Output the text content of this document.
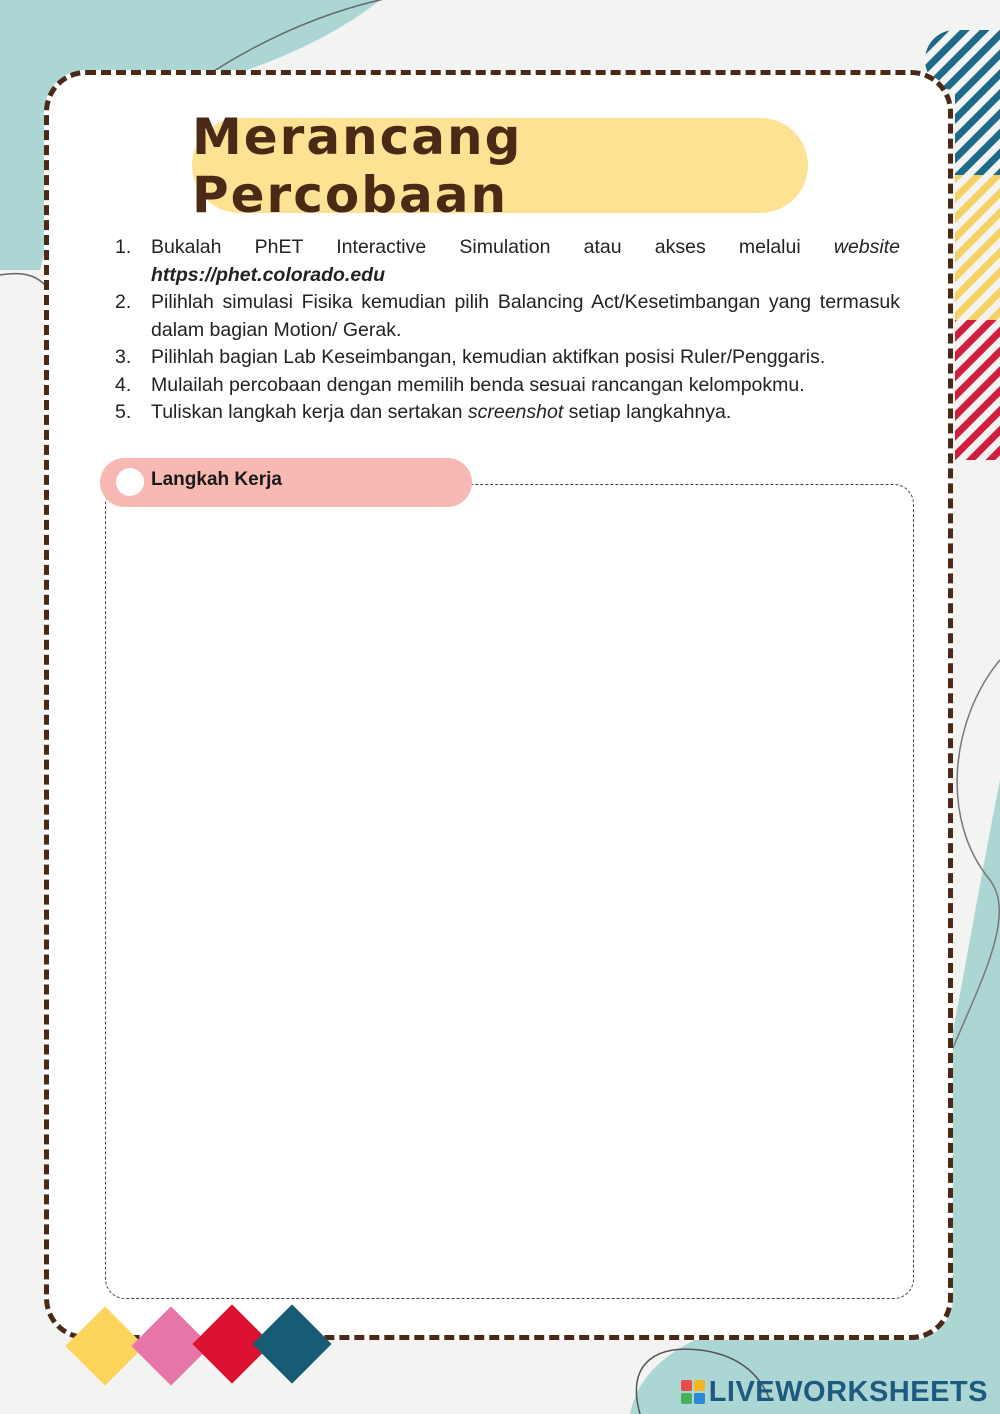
Merancang Percobaan
1. Bukalah PhET Interactive Simulation atau akses melalui website
https://phet.colorado.edu
2. Pilihlah simulasi Fisika kemudian pilih Balancing Act/Kesetimbangan yang termasuk dalam bagian Motion/ Gerak.
3. Pilihlah bagian Lab Keseimbangan, kemudian aktifkan posisi Ruler/Penggaris.
4. Mulailah percobaan dengan memilih benda sesuai rancangan kelompokmu.
5. Tuliskan langkah kerja dan sertakan screenshot setiap langkahnya.
Langkah Kerja
LIVEWORKSHEETS
